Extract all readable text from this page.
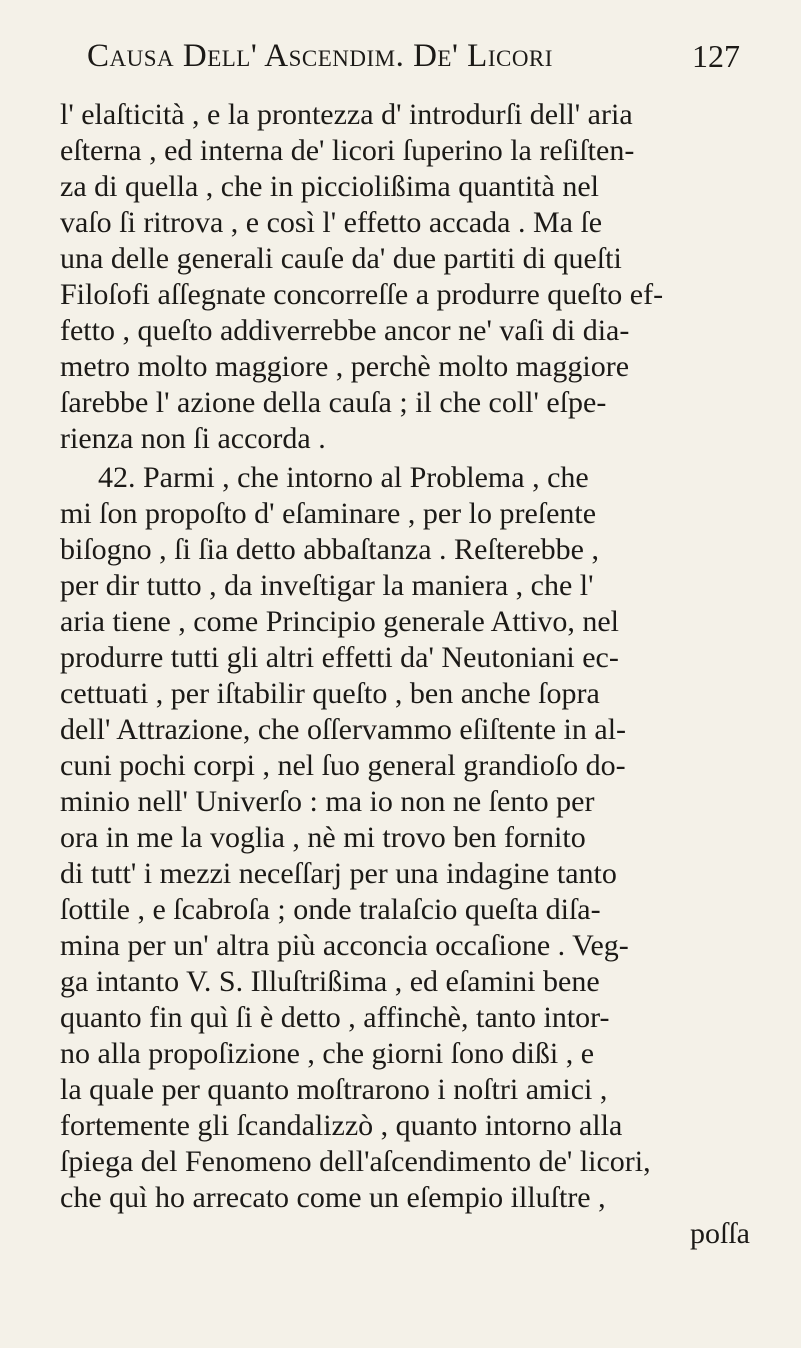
Causa Dell' Ascendim. De' Licori	127
l' elaſticità , e la prontezza d' introdurſi dell' aria
eſterna , ed interna de' licori ſuperino la reſiſten-
za di quella , che in picciolißima quantità nel
vaſo ſi ritrova , e così l' effetto accada . Ma ſe
una delle generali cauſe da' due partiti di queſti
Filoſofi aſſegnate concorreſſe a produrre queſto ef-
fetto , queſto addiverrebbe ancor ne' vaſi di dia-
metro molto maggiore , perchè molto maggiore
ſarebbe l' azione della cauſa ; il che coll' eſpe-
rienza non ſi accorda .
42. Parmi , che intorno al Problema , che
mi ſon propoſto d' eſaminare , per lo preſente
biſogno , ſi ſia detto abbaſtanza . Reſterebbe ,
per dir tutto , da inveſtigar la maniera , che l'
aria tiene , come Principio generale Attivo, nel
produrre tutti gli altri effetti da' Neutoniani ec-
cettuati , per iſtabilir queſto , ben anche ſopra
dell' Attrazione, che oſſervammo eſiſtente in al-
cuni pochi corpi , nel ſuo general grandioſo do-
minio nell' Univerſo : ma io non ne ſento per
ora in me la voglia , nè mi trovo ben fornito
di tutt' i mezzi neceſſarj per una indagine tanto
ſottile , e ſcabroſa ; onde tralaſcio queſta diſa-
mina per un' altra più acconcia occaſione . Veg-
ga intanto V. S. Illuſtrißima , ed eſamini bene
quanto fin quì ſi è detto , affinchè, tanto intor-
no alla propoſizione , che giorni ſono dißi , e
la quale per quanto moſtrarono i noſtri amici ,
fortemente gli ſcandalizzò , quanto intorno alla
ſpiega del Fenomeno dell'aſcendimento de' licori,
che quì ho arrecato come un eſempio illuſtre ,
poſſa
